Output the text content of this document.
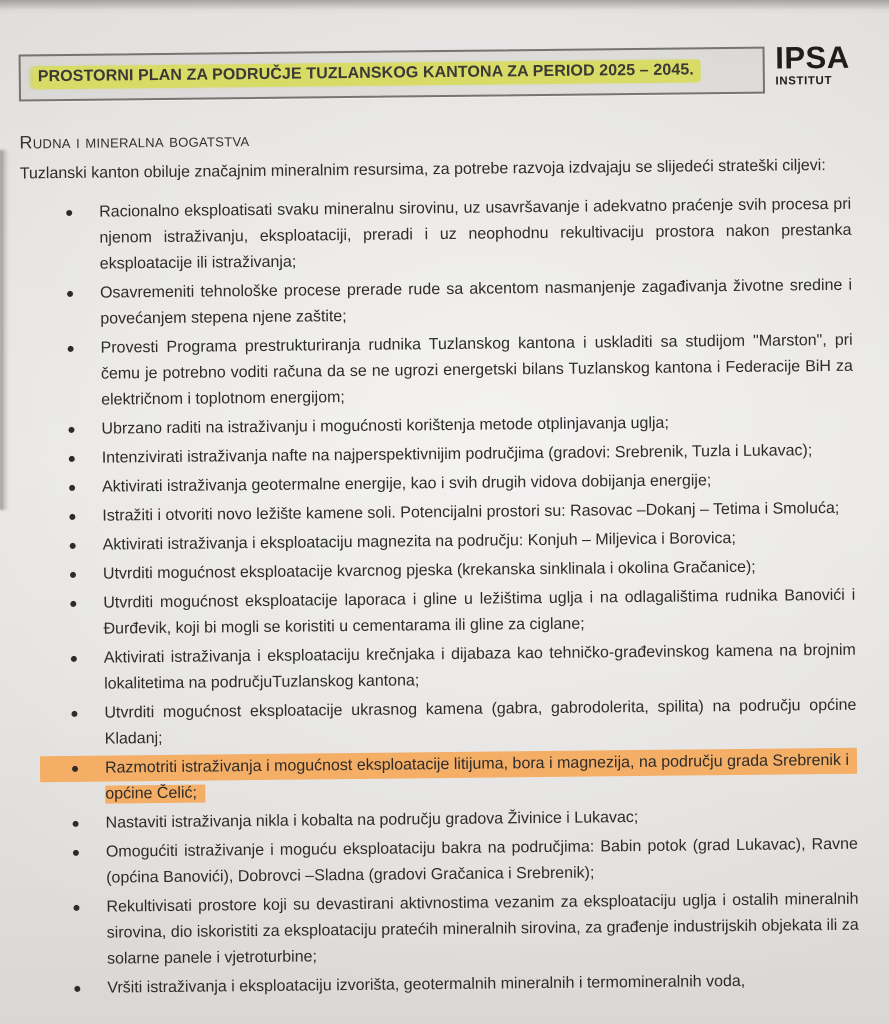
PROSTORNI PLAN ZA PODRUČJE TUZLANSKOG KANTONA ZA PERIOD 2025 – 2045.	IPSA
INSTITUT
Rudna i mineralna bogatstva

Tuzlanski kanton obiluje značajnim mineralnim resursima, za potrebe razvoja izdvajaju se slijedeći strateški ciljevi:

Racionalno eksploatisati svaku mineralnu sirovinu, uz usavršavanje i adekvatno praćenje svih procesa pri njenom istraživanju, eksploataciji, preradi i uz neophodnu rekultivaciju prostora nakon prestanka eksploatacije ili istraživanja;
Osavremeniti tehnološke procese prerade rude sa akcentom nasmanjenje zagađivanja životne sredine i povećanjem stepena njene zaštite;
Provesti Programa prestrukturiranja rudnika Tuzlanskog kantona i uskladiti sa studijom "Marston", pri čemu je potrebno voditi računa da se ne ugrozi energetski bilans Tuzlanskog kantona i Federacije BiH za električnom i toplotnom energijom;
Ubrzano raditi na istraživanju i mogućnosti korištenja metode otplinjavanja uglja;
Intenzivirati istraživanja nafte na najperspektivnijim područjima (gradovi: Srebrenik, Tuzla i Lukavac);
Aktivirati istraživanja geotermalne energije, kao i svih drugih vidova dobijanja energije;
Istražiti i otvoriti novo ležište kamene soli. Potencijalni prostori su: Rasovac –Dokanj – Tetima i Smoluća;
Aktivirati istraživanja i eksploataciju magnezita na području: Konjuh – Miljevica i Borovica;
Utvrditi mogućnost eksploatacije kvarcnog pjeska (krekanska sinklinala i okolina Gračanice);
Utvrditi mogućnost eksploatacije laporaca i gline u ležištima uglja i na odlagalištima rudnika Banovići i Đurđevik, koji bi mogli se koristiti u cementarama ili gline za ciglane;
Aktivirati istraživanja i eksploataciju krečnjaka i dijabaza kao tehničko-građevinskog kamena na brojnim lokalitetima na područjuTuzlanskog kantona;
Utvrditi mogućnost eksploatacije ukrasnog kamena (gabra, gabrodolerita, spilita) na području općine Kladanj;
Razmotriti istraživanja i mogućnost eksploatacije litijuma, bora i magnezija, na području grada Srebrenik i općine Čelić;
Nastaviti istraživanja nikla i kobalta na području gradova Živinice i Lukavac;
Omogućiti istraživanje i moguću eksploataciju bakra na područjima: Babin potok (grad Lukavac), Ravne (općina Banovići), Dobrovci –Sladna (gradovi Gračanica i Srebrenik);
Rekultivisati prostore koji su devastirani aktivnostima vezanim za eksploataciju uglja i ostalih mineralnih sirovina, dio iskoristiti za eksploataciju pratećih mineralnih sirovina, za građenje industrijskih objekata ili za solarne panele i vjetroturbine;
Vršiti istraživanja i eksploataciju izvorišta, geotermalnih mineralnih i termomineralnih voda,
